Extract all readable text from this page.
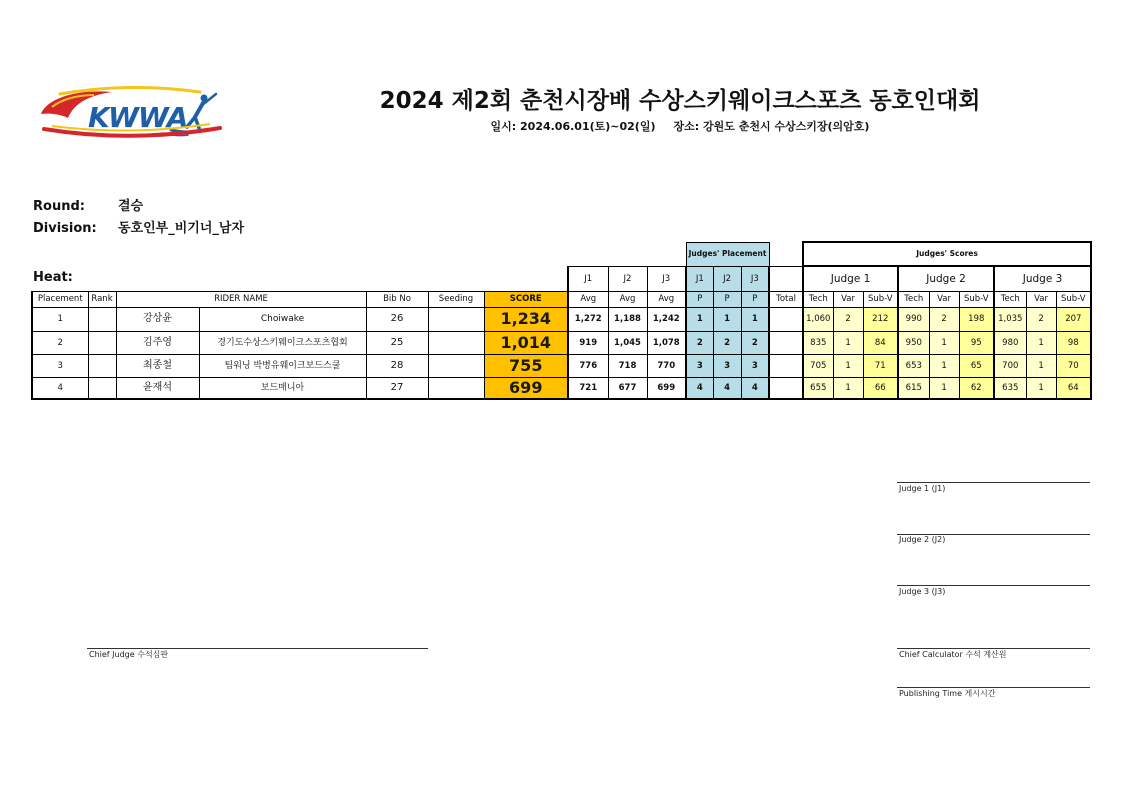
KWWA	2024 제2회 춘천시장배 수상스키웨이크스포츠 동호인대회
일시: 2024.06.01(토)~02(일) 장소: 강원도 춘천시 수상스키장(의암호)
Round:	결승
Division: 동호인부_비기너_남자
										Judges' Placement				Judges' Scores								
							J1	J2	J3	J1	J2	J3		Judge 1			Judge 2			Judge 3		
Placement	Rank	RIDER NAME		Bib No	Seeding	SCORE	Avg	Avg	Avg	P	P	P	Total	Tech	Var	Sub-V	Tech	Var	Sub-V	Tech	Var	Sub-V
1		강상윤	Choiwake	26		1,234	1,272	1,188	1,242	1	1	1		1,060	2	212	990	2	198	1,035	2	207
2		김주영	경기도수상스키웨이크스포츠협회	25		1,014	919	1,045	1,078	2	2	2		835	1	84	950	1	95	980	1	98
3		최종철	팀워닝 박병유웨이크보드스쿨	28		755	776	718	770	3	3	3		705	1	71	653	1	65	700	1	70
4		윤재석	보드매니아	27		699	721	677	699	4	4	4		655	1	66	615	1	62	635	1	64
Heat:
Judge 1 (J1)
Judge 2 (J2)
Judge 3 (J3)
Chief Judge 수석심판	Chief Calculator 수석 계산원
Publishing Time 게시시간
